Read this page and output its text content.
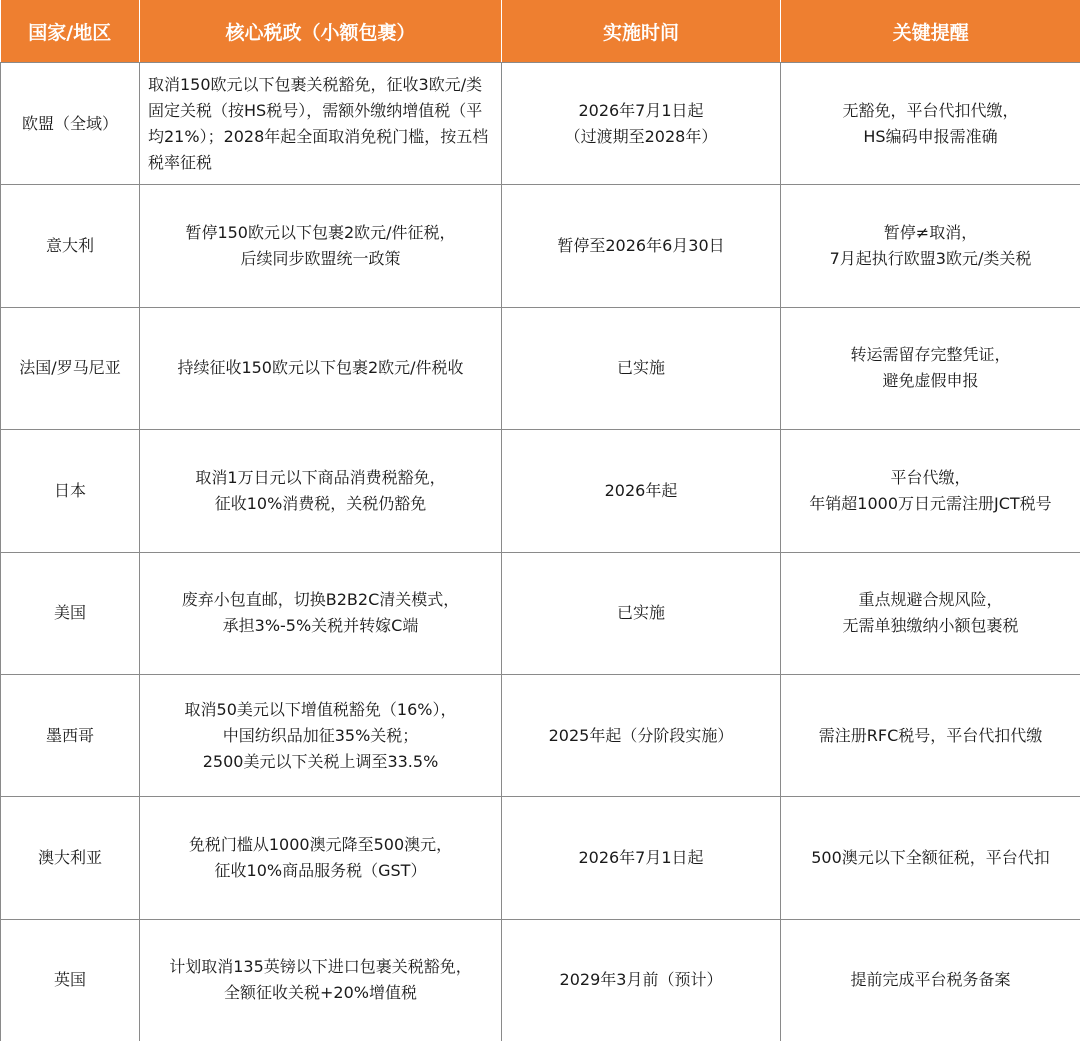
国家/地区	核心税政（小额包裹）	实施时间	关键提醒

欧盟（全域）	取消150欧元以下包裹关税豁免，征收3欧元/类固定关税（按HS税号），需额外缴纳增值税（平均21%）；2028年起全面取消免税门槛，按五档税率征税	2026年7月1日起
（过渡期至2028年）	无豁免，平台代扣代缴，
HS编码申报需准确

意大利	暂停150欧元以下包裹2欧元/件征税，
后续同步欧盟统一政策	暂停至2026年6月30日	暂停≠取消，
7月起执行欧盟3欧元/类关税

法国/罗马尼亚	持续征收150欧元以下包裹2欧元/件税收	已实施	转运需留存完整凭证，
避免虚假申报

日本	取消1万日元以下商品消费税豁免，
征收10%消费税，关税仍豁免	2026年起	平台代缴，
年销超1000万日元需注册JCT税号

美国	废弃小包直邮，切换B2B2C清关模式，
承担3%-5%关税并转嫁C端	已实施	重点规避合规风险，
无需单独缴纳小额包裹税

墨西哥	取消50美元以下增值税豁免（16%），
中国纺织品加征35%关税；
2500美元以下关税上调至33.5%	2025年起（分阶段实施）	需注册RFC税号，平台代扣代缴

澳大利亚	免税门槛从1000澳元降至500澳元，
征收10%商品服务税（GST）	2026年7月1日起	500澳元以下全额征税，平台代扣

英国	计划取消135英镑以下进口包裹关税豁免，
全额征收关税+20%增值税	2029年3月前（预计）	提前完成平台税务备案
